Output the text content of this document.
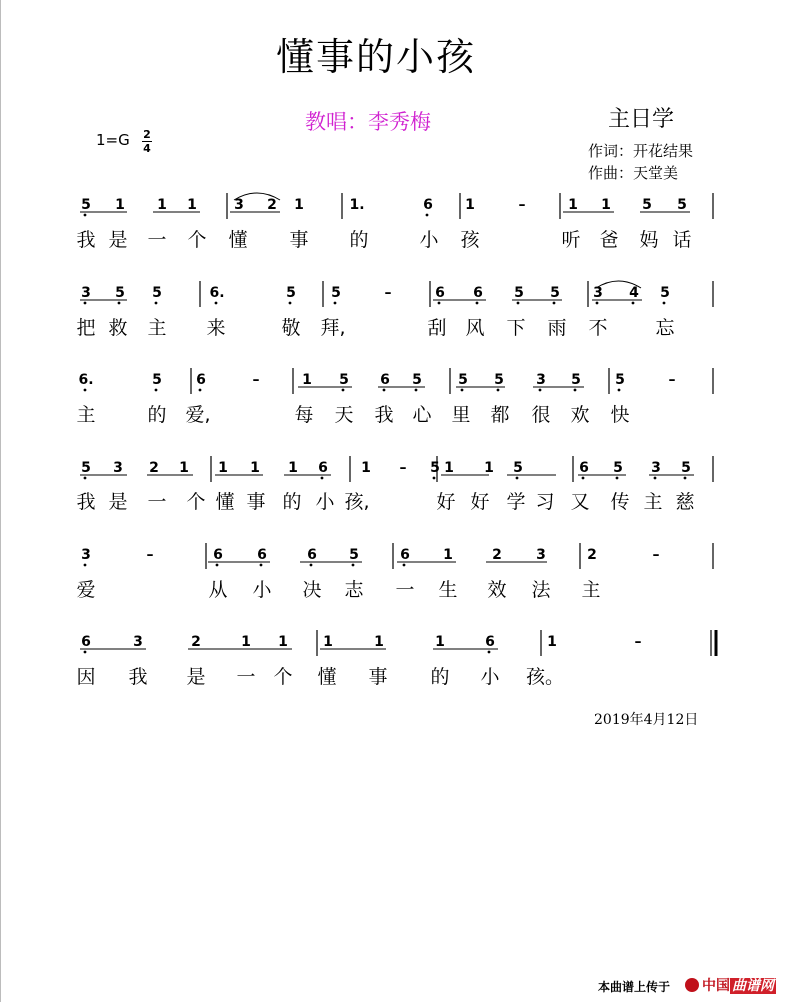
懂事的小孩
教唱：李秀梅	主日学
作词：开花结果
作曲：天堂美
1=G 2
4
5 1 1 1	3 2 1	1.	6 1	–	1 1 5 5
我 是 一 个 懂 事 的	小 孩	听 爸 妈 话
3 5 5	6.	5	5	–	6 6 5 5 3 4 5
把 救 主 来	敬 拜,	刮 风 下 雨 不	忘
6.	5 6	–	1 5 6 5	5 5 3 5 5	–
主	的 爱,	每 天 我 心 里 都 很 欢 快
5 3 2 1 1 1 1 6 1 – 5 1 1 5	6 5 3 5
我 是 一 个 懂 事 的 小 孩,	好 好 学 习 又 传 主 慈
3	–	6 6	6 5	6 1	2 3	2	–
爱	从 小 决 志 一 生 效 法 主
6	3	2	1 1	1	1	1	6	1	–
因 我 是 一 个 懂 事 的 小 孩。
2019年4月12日
本曲谱上传于	中国 曲谱网
